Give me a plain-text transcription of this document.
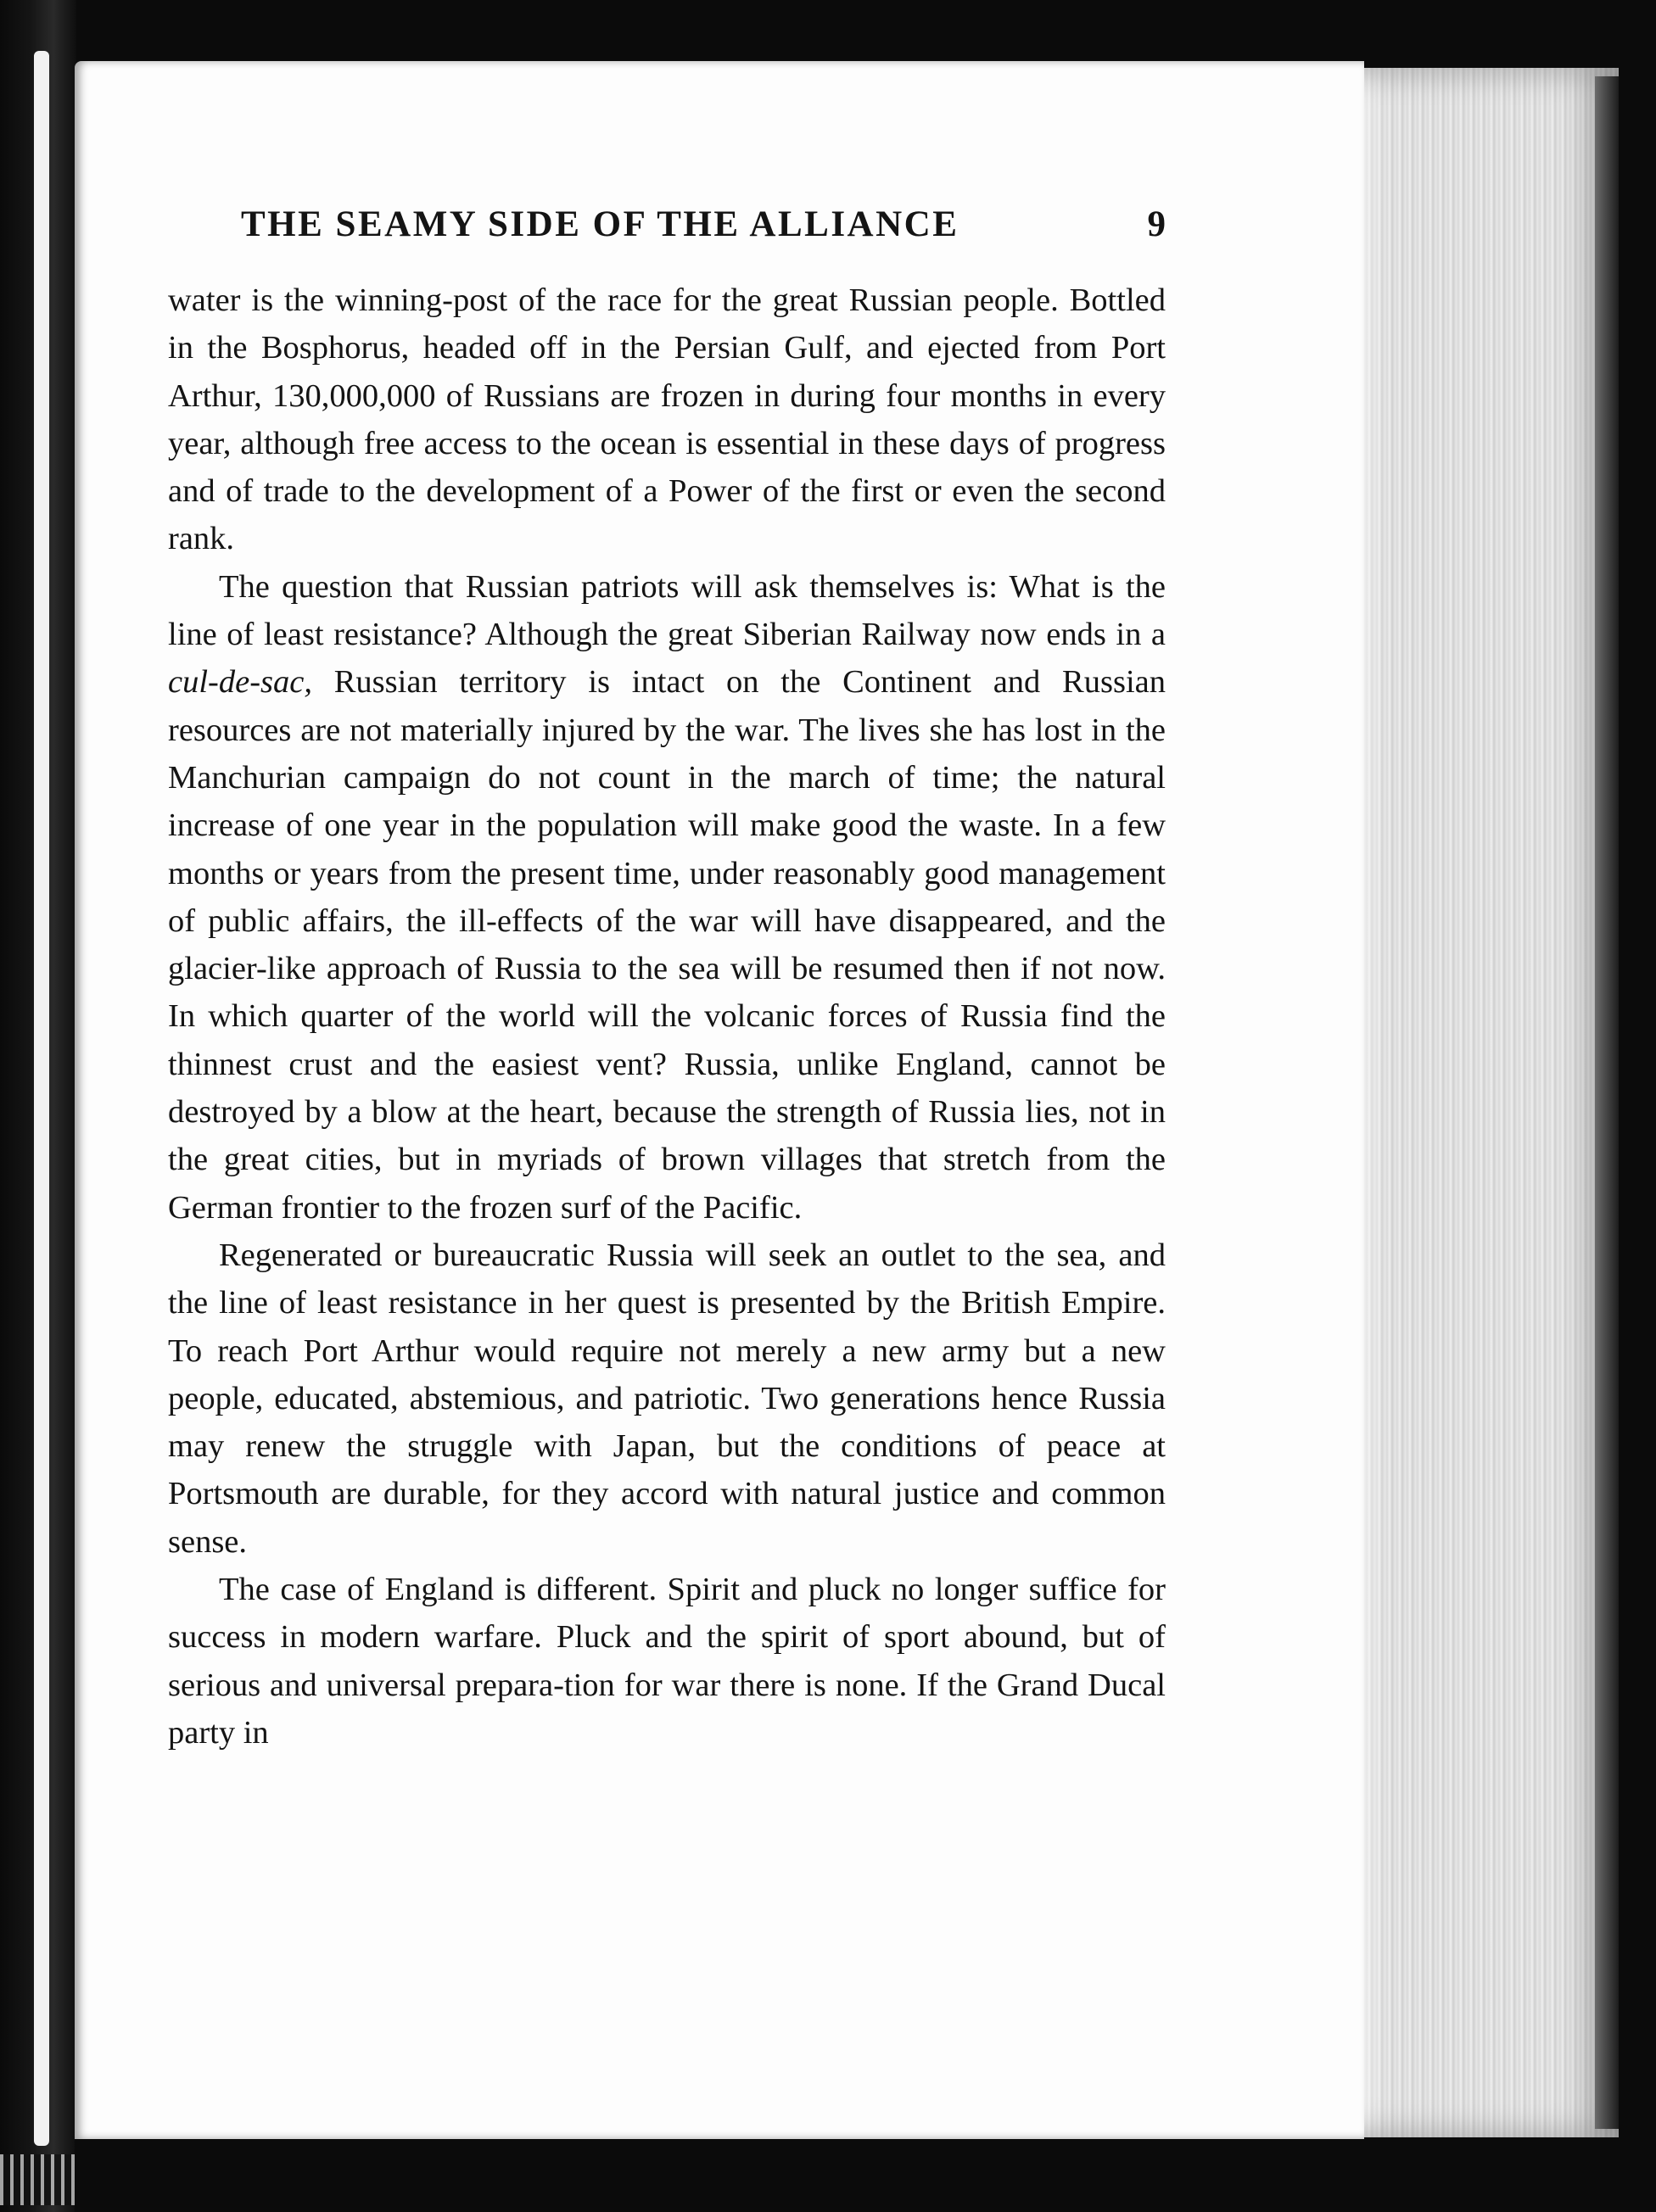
THE SEAMY SIDE OF THE ALLIANCE	9

water is the winning-post of the race for the great Russian people. Bottled in the Bosphorus, headed off in the Persian Gulf, and ejected from Port Arthur, 130,000,000 of Russians are frozen in during four months in every year, although free access to the ocean is essential in these days of progress and of trade to the development of a Power of the first or even the second rank.

The question that Russian patriots will ask themselves is: What is the line of least resistance? Although the great Siberian Railway now ends in a cul-de-sac, Russian territory is intact on the Continent and Russian resources are not materially injured by the war. The lives she has lost in the Manchurian campaign do not count in the march of time; the natural increase of one year in the population will make good the waste. In a few months or years from the present time, under reasonably good management of public affairs, the ill-effects of the war will have disappeared, and the glacier-like approach of Russia to the sea will be resumed then if not now. In which quarter of the world will the volcanic forces of Russia find the thinnest crust and the easiest vent? Russia, unlike England, cannot be destroyed by a blow at the heart, because the strength of Russia lies, not in the great cities, but in myriads of brown villages that stretch from the German frontier to the frozen surf of the Pacific.

Regenerated or bureaucratic Russia will seek an outlet to the sea, and the line of least resistance in her quest is presented by the British Empire. To reach Port Arthur would require not merely a new army but a new people, educated, abstemious, and patriotic. Two generations hence Russia may renew the struggle with Japan, but the conditions of peace at Portsmouth are durable, for they accord with natural justice and common sense.

The case of England is different. Spirit and pluck no longer suffice for success in modern warfare. Pluck and the spirit of sport abound, but of serious and universal prepara-tion for war there is none. If the Grand Ducal party in
